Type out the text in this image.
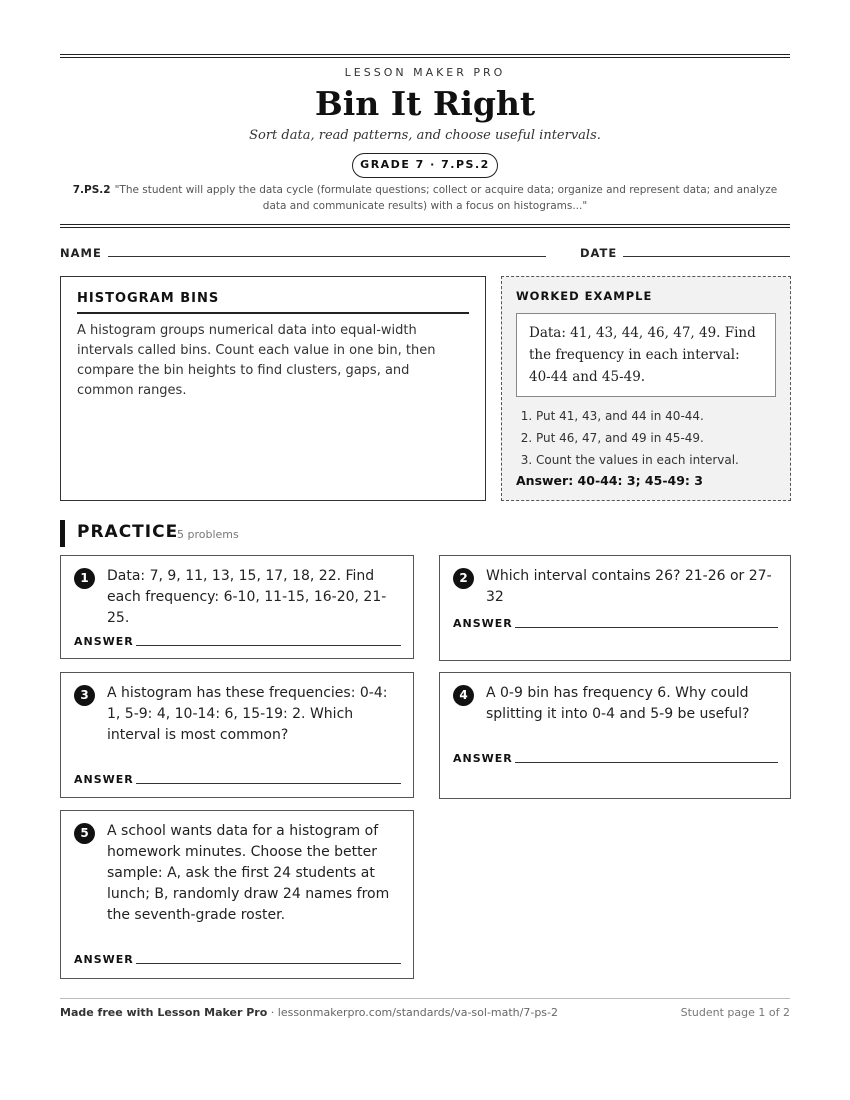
LESSON MAKER PRO
Bin It Right
Sort data, read patterns, and choose useful intervals.
GRADE 7 · 7.PS.2
7.PS.2 "The student will apply the data cycle (formulate questions; collect or acquire data; organize and represent data; and analyze data and communicate results) with a focus on histograms..."
NAME	DATE
HISTOGRAM BINS
A histogram groups numerical data into equal-width intervals called bins. Count each value in one bin, then compare the bin heights to find clusters, gaps, and common ranges.
WORKED EXAMPLE
Data: 41, 43, 44, 46, 47, 49. Find the frequency in each interval: 40-44 and 45-49.
1. Put 41, 43, and 44 in 40-44.
2. Put 46, 47, and 49 in 45-49.
3. Count the values in each interval.
Answer: 40-44: 3; 45-49: 3
PRACTICE
5 problems
1	Data: 7, 9, 11, 13, 15, 17, 18, 22. Find each frequency: 6-10, 11-15, 16-20, 21-25.
ANSWER
2	Which interval contains 26? 21-26 or 27-32
ANSWER
3	A histogram has these frequencies: 0-4: 1, 5-9: 4, 10-14: 6, 15-19: 2. Which interval is most common?
ANSWER
4	A 0-9 bin has frequency 6. Why could splitting it into 0-4 and 5-9 be useful?
ANSWER
5	A school wants data for a histogram of homework minutes. Choose the better sample: A, ask the first 24 students at lunch; B, randomly draw 24 names from the seventh-grade roster.
ANSWER
Made free with Lesson Maker Pro · lessonmakerpro.com/standards/va-sol-math/7-ps-2	Student page 1 of 2
